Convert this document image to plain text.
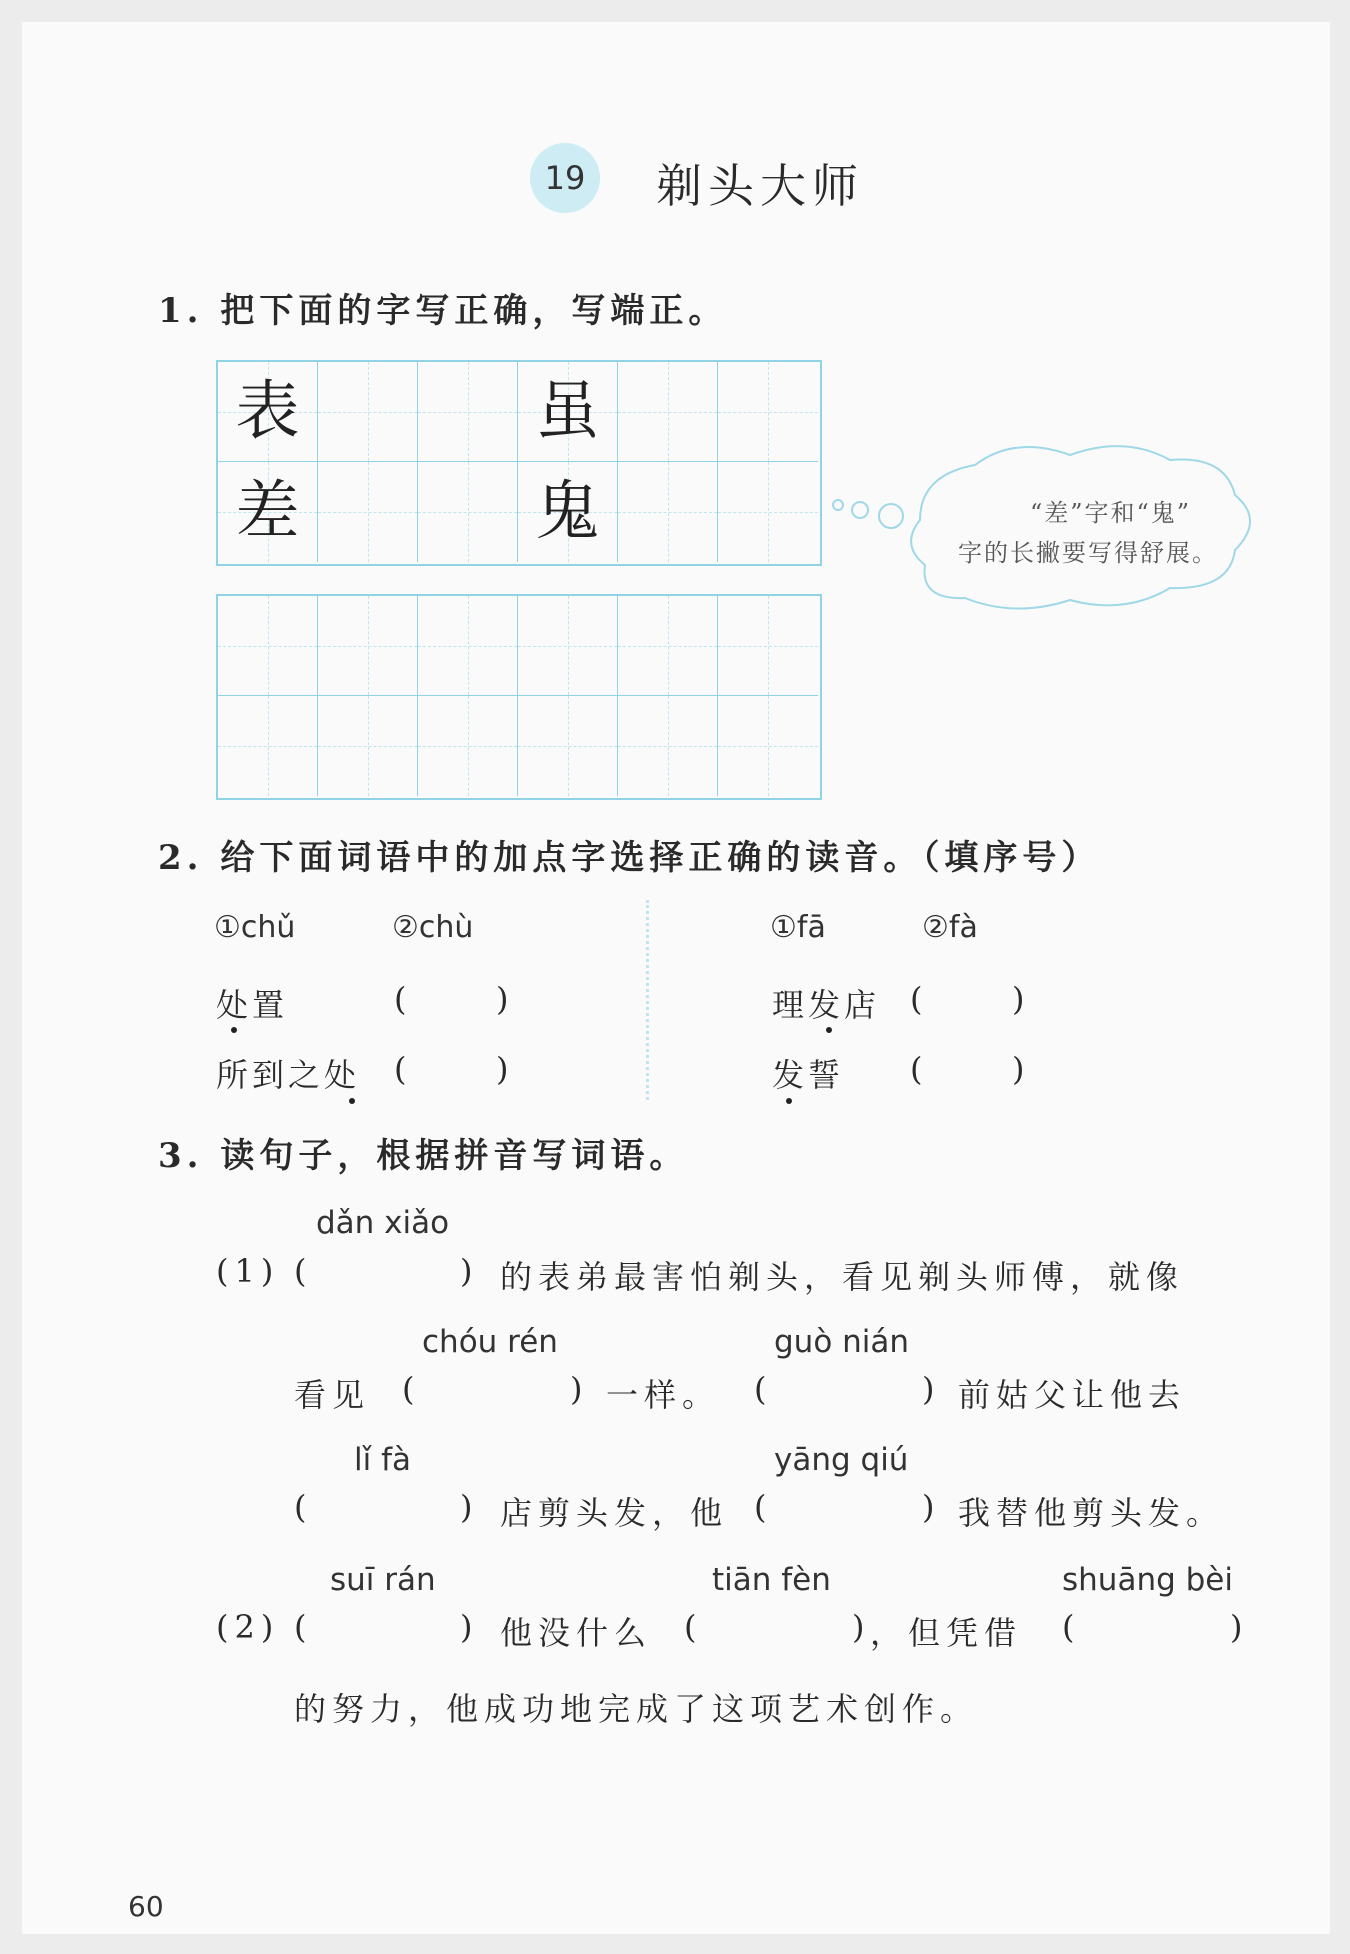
19	剃头大师
1. 把下面的字写正确，写端正。
表	虽
差	鬼	“差”字和“鬼”
字的长撇要写得舒展。
2. 给下面词语中的加点字选择正确的读音。（填序号）
①chǔ	②chù	①fā	②fà
处置	(	)
所到之处 (	)
理发店 (	)
发誓 (	)
3. 读句子，根据拼音写词语。
dǎn xiǎo
(1) (	) 的表弟最害怕剃头，看见剃头师傅，就像
chóu rén	guò nián
看见 (	) 一样。 (	) 前姑父让他去
lǐ fà	yāng qiú
(	) 店剪头发，他 (	) 我替他剪头发。
suī rán	tiān fèn	shuāng bèi
(2) (	) 他没什么 (	) ，但凭借 (	)
的努力，他成功地完成了这项艺术创作。
60
